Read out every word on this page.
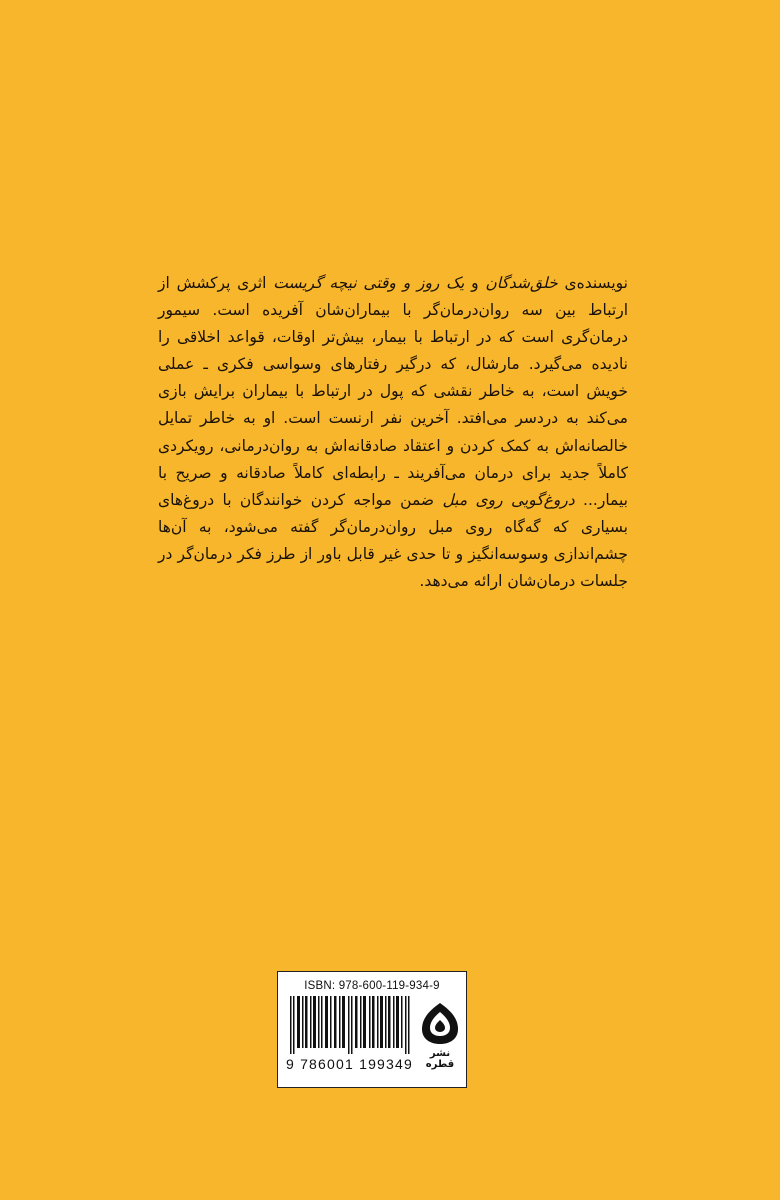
نویسنده‌ی خلق‌شدگان و یک روز و وقتی نیچه گریست اثری پرکشش از ارتباط بین سه روان‌درمان‌گر با بیماران‌شان آفریده است. سیمور درمان‌گری است که در ارتباط با بیمار، بیش‌تر اوقات، قواعد اخلاقی را نادیده می‌گیرد. مارشال، که درگیر رفتارهای وسواسی فکری ـ عملی خویش است، به خاطر نقشی که پول در ارتباط با بیماران برایش بازی می‌کند به دردسر می‌افتد. آخرین نفر ارنست است. او به خاطر تمایل خالصانه‌اش به کمک کردن و اعتقاد صادقانه‌اش به روان‌درمانی، رویکردی کاملاً جدید برای درمان می‌آفریند ـ رابطه‌ای کاملاً صادقانه و صریح با بیمار... دروغ‌گویی روی مبل ضمن مواجه کردن خوانندگان با دروغ‌های بسیاری که گه‌گاه روی مبل روان‌درمان‌گر گفته می‌شود، به آن‌ها چشم‌اندازی وسوسه‌انگیز و تا حدی غیر قابل باور از طرز فکر درمان‌گر در جلسات درمان‌شان ارائه می‌دهد.

ISBN: 978-600-119-934-9
9 786001 199349
نشر قطره
